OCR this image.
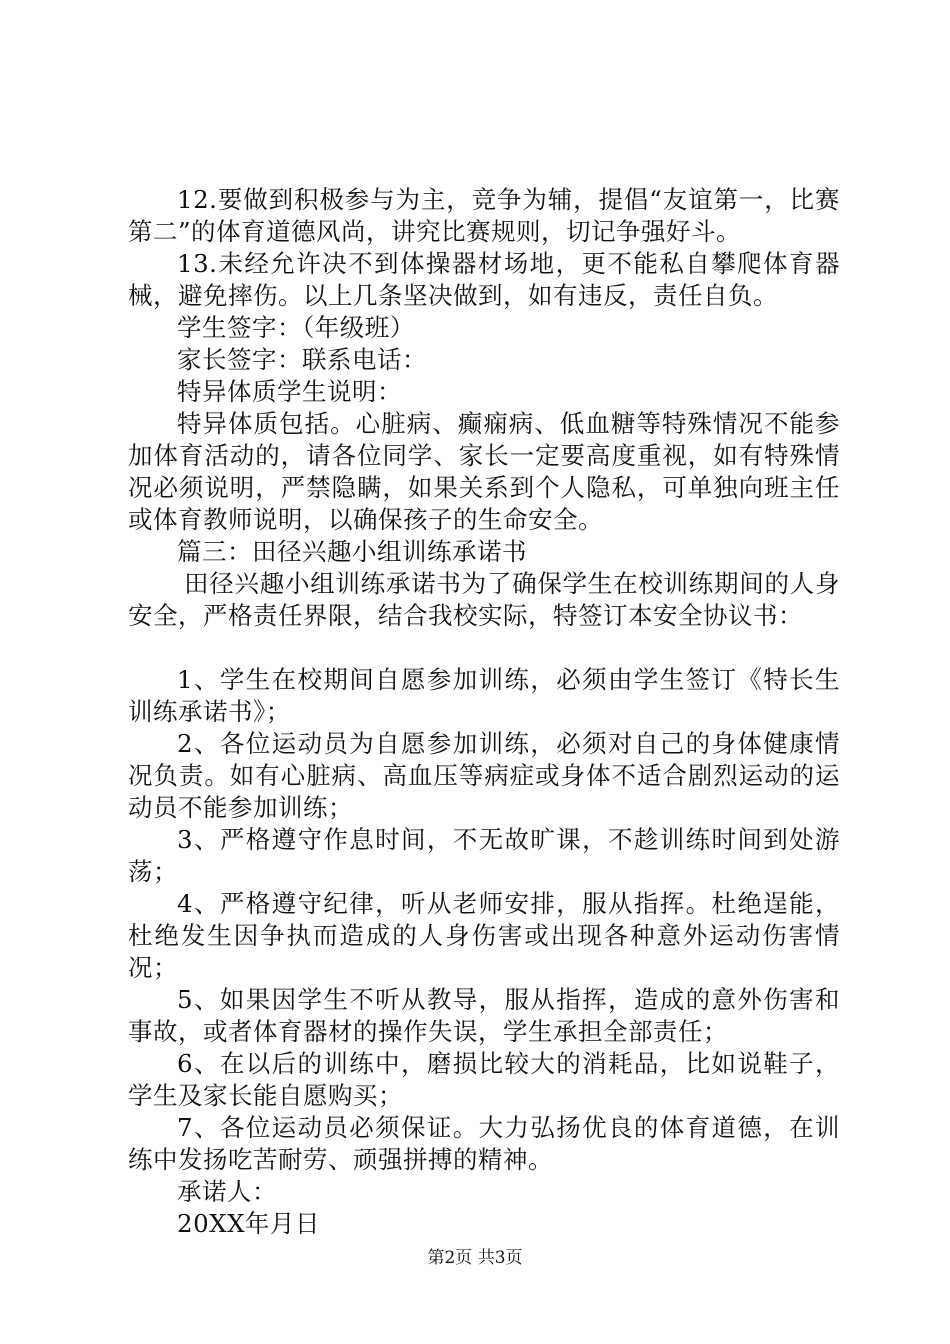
12.要做到积极参与为主，竞争为辅，提倡“友谊第一，比赛第二”的体育道德风尚，讲究比赛规则，切记争强好斗。

13.未经允许决不到体操器材场地，更不能私自攀爬体育器械，避免摔伤。以上几条坚决做到，如有违反，责任自负。

学生签字：（年级班）

家长签字：联系电话：

特异体质学生说明：

特异体质包括。心脏病、癫痫病、低血糖等特殊情况不能参加体育活动的，请各位同学、家长一定要高度重视，如有特殊情况必须说明，严禁隐瞒，如果关系到个人隐私，可单独向班主任或体育教师说明，以确保孩子的生命安全。

篇三：田径兴趣小组训练承诺书

田径兴趣小组训练承诺书为了确保学生在校训练期间的人身安全，严格责任界限，结合我校实际，特签订本安全协议书：

1、学生在校期间自愿参加训练，必须由学生签订《特长生训练承诺书》；

2、各位运动员为自愿参加训练，必须对自己的身体健康情况负责。如有心脏病、高血压等病症或身体不适合剧烈运动的运动员不能参加训练；

3、严格遵守作息时间，不无故旷课，不趁训练时间到处游荡；

4、严格遵守纪律，听从老师安排，服从指挥。杜绝逞能，杜绝发生因争执而造成的人身伤害或出现各种意外运动伤害情况；

5、如果因学生不听从教导，服从指挥，造成的意外伤害和事故，或者体育器材的操作失误，学生承担全部责任；

6、在以后的训练中，磨损比较大的消耗品，比如说鞋子，学生及家长能自愿购买；

7、各位运动员必须保证。大力弘扬优良的体育道德，在训练中发扬吃苦耐劳、顽强拼搏的精神。

承诺人：

20XX年月日

第2页 共3页
